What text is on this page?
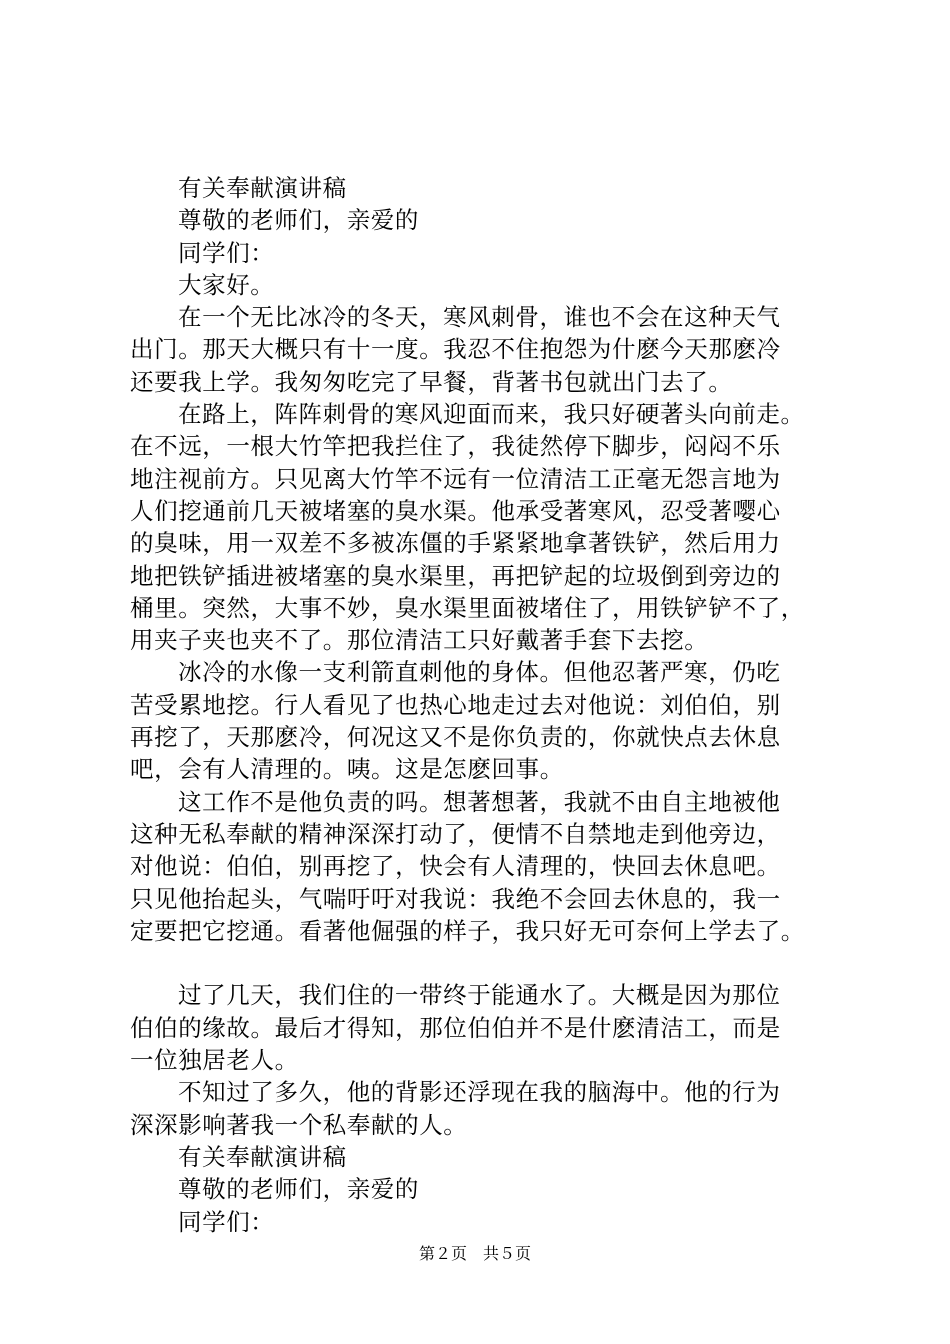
有关奉献演讲稿
尊敬的老师们，亲爱的
同学们：
大家好。
在一个无比冰冷的冬天，寒风刺骨，谁也不会在这种天气
出门。那天大概只有十一度。我忍不住抱怨为什麽今天那麽冷
还要我上学。我匆匆吃完了早餐，背著书包就出门去了。
在路上，阵阵刺骨的寒风迎面而来，我只好硬著头向前走。
在不远，一根大竹竿把我拦住了，我徒然停下脚步，闷闷不乐
地注视前方。只见离大竹竿不远有一位清洁工正毫无怨言地为
人们挖通前几天被堵塞的臭水渠。他承受著寒风，忍受著嘤心
的臭味，用一双差不多被冻僵的手紧紧地拿著铁铲，然后用力
地把铁铲插进被堵塞的臭水渠里，再把铲起的垃圾倒到旁边的
桶里。突然，大事不妙，臭水渠里面被堵住了，用铁铲铲不了，
用夹子夹也夹不了。那位清洁工只好戴著手套下去挖。
冰冷的水像一支利箭直刺他的身体。但他忍著严寒，仍吃
苦受累地挖。行人看见了也热心地走过去对他说：刘伯伯，别
再挖了，天那麽冷，何况这又不是你负责的，你就快点去休息
吧，会有人清理的。咦。这是怎麽回事。
这工作不是他负责的吗。想著想著，我就不由自主地被他
这种无私奉献的精神深深打动了，便情不自禁地走到他旁边，
对他说：伯伯，别再挖了，快会有人清理的，快回去休息吧。
只见他抬起头，气喘吁吁对我说：我绝不会回去休息的，我一
定要把它挖通。看著他倔强的样子，我只好无可奈何上学去了。
过了几天，我们住的一带终于能通水了。大概是因为那位
伯伯的缘故。最后才得知，那位伯伯并不是什麽清洁工，而是
一位独居老人。
不知过了多久，他的背影还浮现在我的脑海中。他的行为
深深影响著我一个私奉献的人。
有关奉献演讲稿
尊敬的老师们，亲爱的
同学们：
第２页　共５页
